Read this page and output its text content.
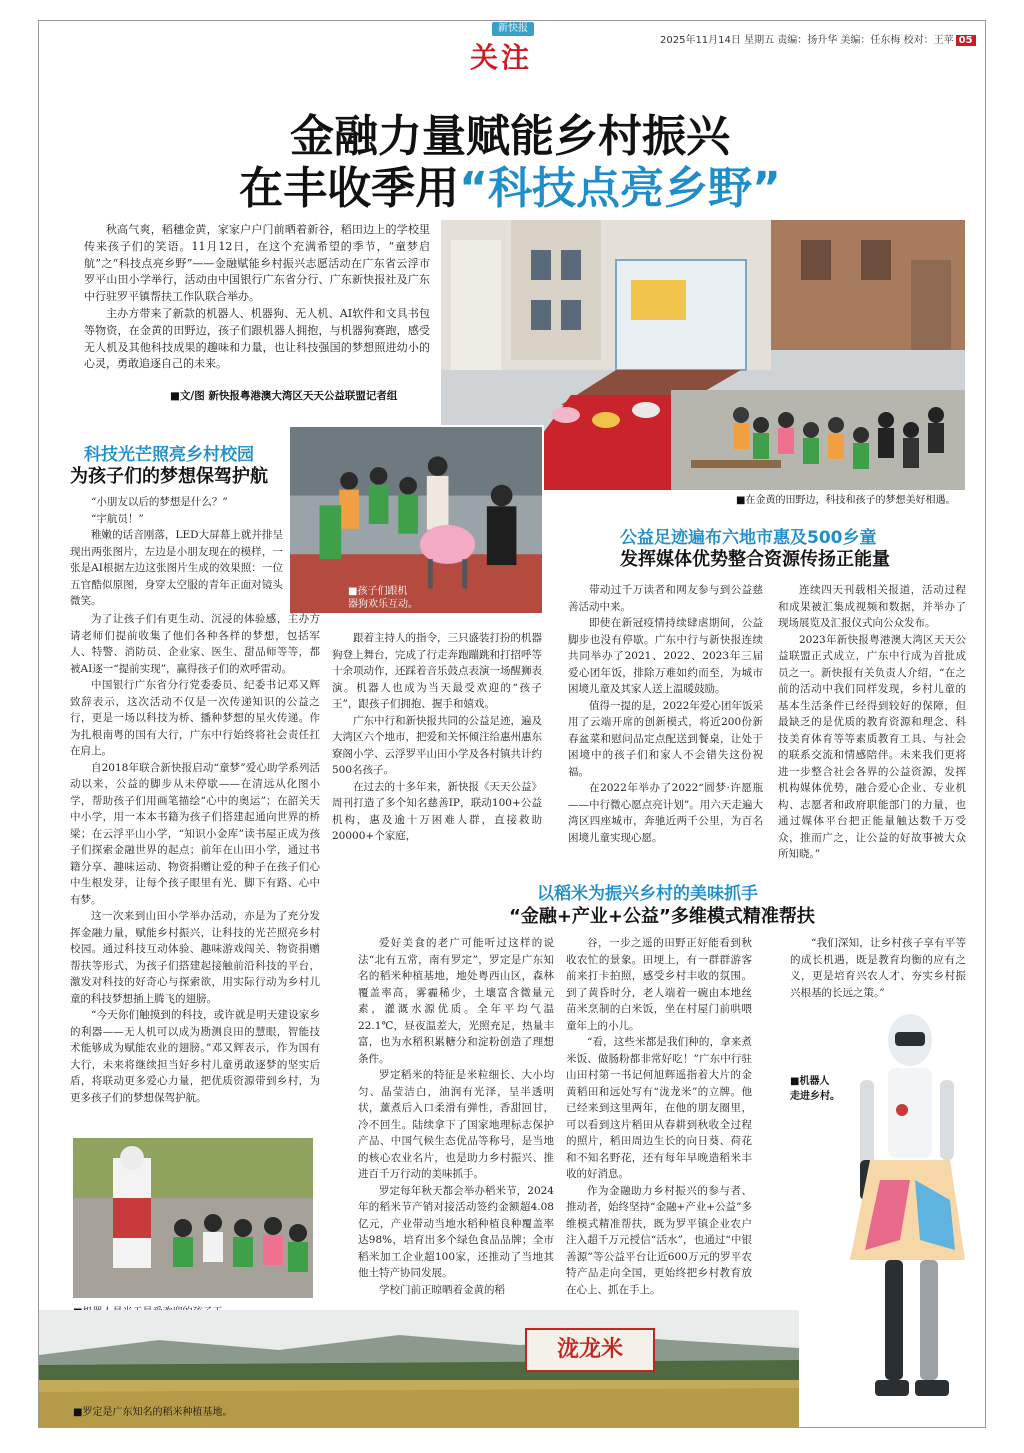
新快报
关注
2025年11月14日 星期五 责编：扬升华 美编：任东梅 校对：王苹 05
金融力量赋能乡村振兴
在丰收季用“科技点亮乡野”

秋高气爽，稻穗金黄，家家户户门前晒着新谷，稻田边上的学校里传来孩子们的笑语。11月12日，在这个充满希望的季节，“童梦启航”之“科技点亮乡野”——金融赋能乡村振兴志愿活动在广东省云浮市罗平山田小学举行，活动由中国银行广东省分行、广东新快报社及广东中行驻罗平镇帮扶工作队联合举办。

主办方带来了新款的机器人、机器狗、无人机、AI软件和文具书包等物资，在金黄的田野边，孩子们跟机器人拥抱，与机器狗赛跑，感受无人机及其他科技成果的趣味和力量，也让科技强国的梦想照进幼小的心灵，勇敢追逐自己的未来。

■文/图 新快报粤港澳大湾区天天公益联盟记者组
■在金黄的田野边，科技和孩子的梦想美好相遇。
■孩子们跟机
器狗欢乐互动。
科技光芒照亮乡村校园
为孩子们的梦想保驾护航

“小朋友以后的梦想是什么？”

“宇航员！”

稚嫩的话音刚落，LED大屏幕上就并排呈现出两张图片，左边是小朋友现在的模样，一张是AI根据左边这张图片生成的效果照：一位五官酷似原图，身穿太空服的青年正面对镜头微笑。

为了让孩子们有更生动、沉浸的体验感，主办方请老师们提前收集了他们各种各样的梦想，包括军人、特警、消防员、企业家、医生、甜品师等等，都被AI逐一“提前实现”，赢得孩子们的欢呼雷动。

中国银行广东省分行党委委员、纪委书记邓又辉致辞表示，这次活动不仅是一次传递知识的公益之行，更是一场以科技为桥、播种梦想的星火传递。作为扎根南粤的国有大行，广东中行始终将社会责任扛在肩上。

自2018年联合新快报启动“童梦”爱心助学系列活动以来，公益的脚步从未停歇——在清远从化图小学，帮助孩子们用画笔描绘“心中的奥运”；在韶关天中小学，用一本本书籍为孩子们搭建起通向世界的桥梁；在云浮平山小学，“知识小金库”读书屋正成为孩子们探索金融世界的起点；前年在山田小学，通过书籍分享、趣味运动、物资捐赠让爱的种子在孩子们心中生根发芽，让每个孩子眼里有光、脚下有路、心中有梦。

这一次来到山田小学举办活动，亦是为了充分发挥金融力量，赋能乡村振兴，让科技的光芒照亮乡村校园。通过科技互动体验、趣味游戏闯关、物资捐赠帮扶等形式，为孩子们搭建起接触前沿科技的平台，激发对科技的好奇心与探索欲，用实际行动为乡村儿童的科技梦想插上腾飞的翅膀。

“今天你们触摸到的科技，或许就是明天建设家乡的利器——无人机可以成为勘测良田的慧眼，智能技术能够成为赋能农业的翅膀。”邓又辉表示，作为国有大行，未来将继续担当好乡村儿童勇敢逐梦的坚实后盾，将联动更多爱心力量，把优质资源带到乡村，为更多孩子们的梦想保驾护航。

跟着主持人的指令，三只盛装打扮的机器狗登上舞台，完成了行走奔跑蹦跳和打招呼等十余项动作，还踩着音乐鼓点表演一场醒狮表演。机器人也成为当天最受欢迎的“孩子王”，跟孩子们拥抱、握手和嬉戏。

广东中行和新快报共同的公益足迹，遍及大湾区六个地市，把爱和关怀倾注给惠州惠东寮阁小学、云浮罗平山田小学及各村镇共计约500名孩子。

在过去的十多年来，新快报《天天公益》周刊打造了多个知名慈善IP，联动100+公益机构，惠及逾十万困难人群，直接救助20000+个家庭，

公益足迹遍布六地市惠及500乡童
发挥媒体优势整合资源传扬正能量

带动过千万读者和网友参与到公益慈善活动中来。

即使在新冠疫情持续肆虐期间，公益脚步也没有停歇。广东中行与新快报连续共同举办了2021、2022、2023年三届爱心团年饭，排除万难如约而至，为城市困境儿童及其家人送上温暖鼓励。

值得一提的是，2022年爱心团年饭采用了云端开席的创新模式，将近200份新春盆菜和慰问品定点配送到餐桌，让处于困境中的孩子们和家人不会错失这份祝福。

在2022年举办了2022“圆梦·许愿瓶——中行微心愿点亮计划”。用六天走遍大湾区四座城市，奔驰近两千公里，为百名困境儿童实现心愿。

连续四天刊载相关报道，活动过程和成果被汇集成视频和数据，并举办了现场展览及汇报仪式向公众发布。

2023年新快报粤港澳大湾区天天公益联盟正式成立，广东中行成为首批成员之一。新快报有关负责人介绍，“在之前的活动中我们同样发现，乡村儿童的基本生活条件已经得到较好的保障，但最缺乏的是优质的教育资源和理念、科技美育体育等等素质教育工具、与社会的联系交流和情感陪伴。未来我们更将进一步整合社会各界的公益资源，发挥机构媒体优势，融合爱心企业、专业机构、志愿者和政府职能部门的力量，也通过媒体平台把正能量触达数千万受众，推而广之，让公益的好故事被大众所知晓。”

以稻米为振兴乡村的美味抓手
“金融+产业+公益”多维模式精准帮扶

爱好美食的老广可能听过这样的说法“北有五常，南有罗定”，罗定是广东知名的稻米种植基地，地处粤西山区，森林覆盖率高，雾霾稀少，土壤富含微量元素，灌溉水源优质。全年平均气温22.1℃，昼夜温差大，光照充足，热量丰富，也为水稻积累糖分和淀粉创造了理想条件。

罗定稻米的特征是米粒细长、大小均匀、晶莹洁白，油润有光泽，呈半透明状，薰煮后入口柔滑有弹性，香甜回甘，冷不回生。陆续拿下了国家地理标志保护产品、中国气候生态优品等称号，是当地的核心农业名片，也是助力乡村振兴、推进百千万行动的美味抓手。

罗定每年秋天都会举办稻米节，2024年的稻米节产销对接活动签约金额超4.08亿元，产业带动当地水稻种植良种覆盖率达98%，培育出多个绿色食品品牌；全市稻米加工企业超100家，还推动了当地其他土特产协同发展。

学校门前正晾晒着金黄的稻

谷，一步之遥的田野正好能看到秋收农忙的景象。田埂上，有一群群游客前来打卡拍照，感受乡村丰收的氛围。到了黄昏时分，老人端着一碗由本地丝苗米烹制的白米饭，坐在村屋门前哄喂童年上的小儿。

“看，这些米都是我们种的，拿来煮米饭、做肠粉都非常好吃！”广东中行驻山田村第一书记何旭辉遥指着大片的金黄稻田和远处写有“泷龙米”的立牌。他已经来到这里两年，在他的朋友圈里，可以看到这片稻田从春耕到秋收全过程的照片，稻田周边生长的向日葵、荷花和不知名野花，还有每年早晚造稻米丰收的好消息。

作为金融助力乡村振兴的参与者、推动者，始终坚持“金融+产业+公益”多维模式精准帮扶，既为罗平镇企业农户注入超千万元授信“活水”，也通过“中银善源”等公益平台让近600万元的罗平农特产品走向全国，更始终把乡村教育放在心上、抓在手上。

“我们深知，让乡村孩子享有平等的成长机遇，既是教育均衡的应有之义，更是培育兴农人才、夯实乡村振兴根基的长远之策。”

■机器人
走进乡村。
泷龙米
■罗定是广东知名的稻米种植基地。
